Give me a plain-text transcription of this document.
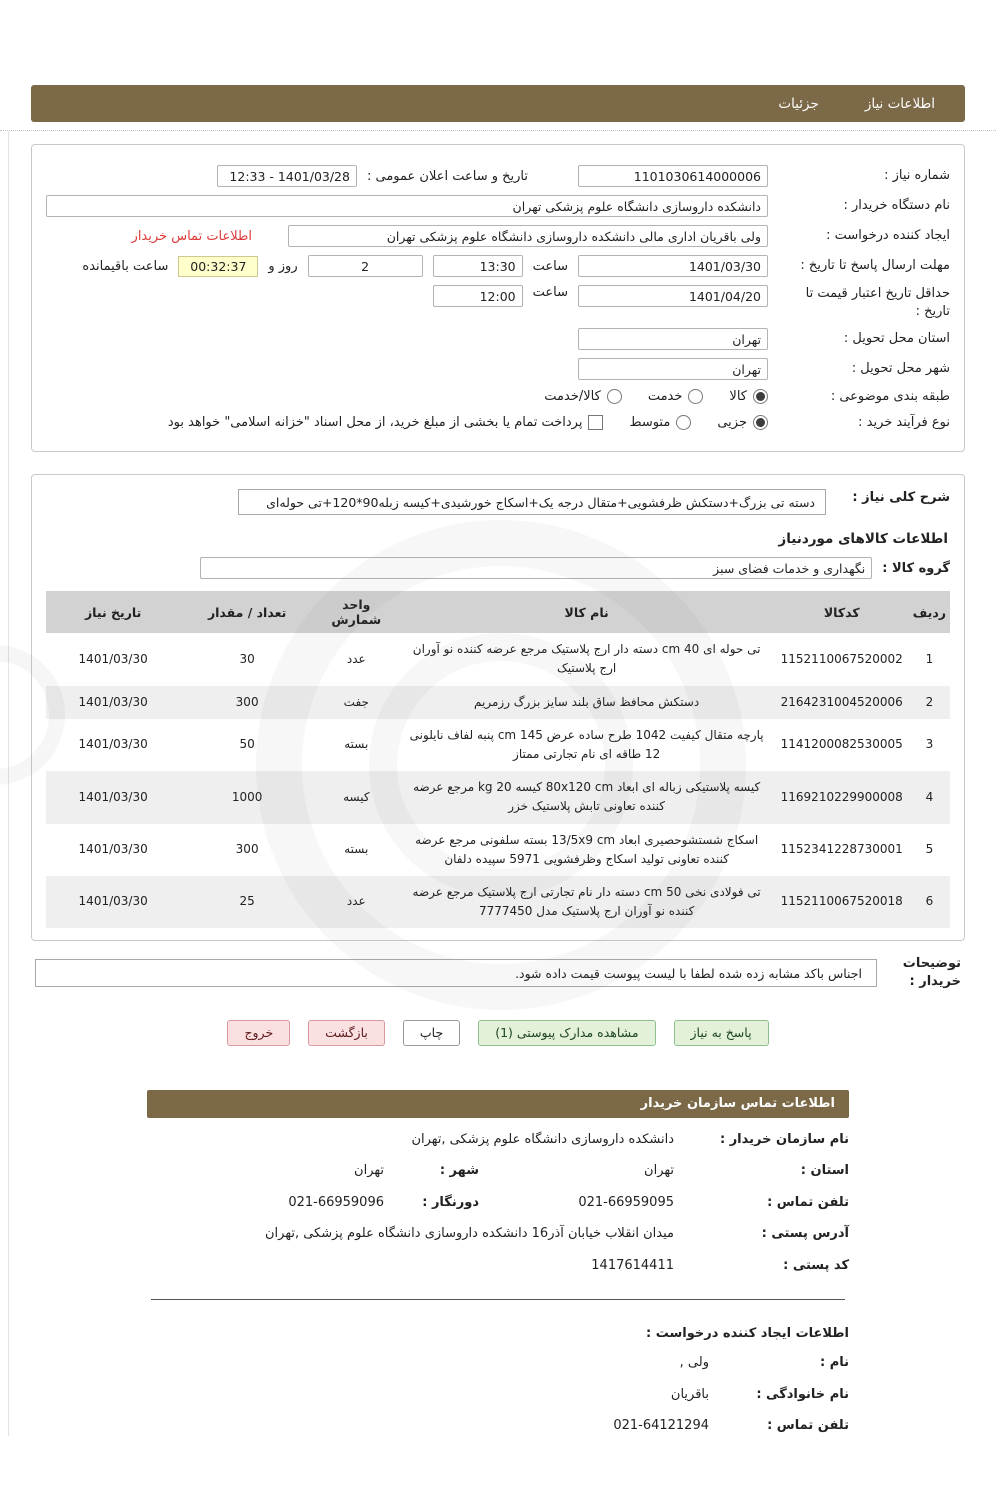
اطلاعات نیاز
جزئیات
شماره نیاز :
1101030614000006
تاریخ و ساعت اعلان عمومی :
1401/03/28 - 12:33
نام دستگاه خریدار :
دانشکده داروسازی دانشگاه علوم پزشکی تهران
ایجاد کننده درخواست :
ولی باقریان اداری مالی دانشکده داروسازی دانشگاه علوم پزشکی تهران
اطلاعات تماس خریدار
مهلت ارسال پاسخ تا تاریخ :
1401/03/30
ساعت
13:30
2
روز و
00:32:37
ساعت باقیمانده
حداقل تاریخ اعتبار قیمت تا تاریخ :
1401/04/20
ساعت
12:00
استان محل تحویل :
تهران
شهر محل تحویل :
تهران
طبقه بندی موضوعی :
کالا
خدمت
کالا/خدمت
نوع فرآیند خرید :
جزیی
متوسط
پرداخت تمام یا بخشی از مبلغ خرید، از محل اسناد "خزانه اسلامی" خواهد بود
شرح کلی نیاز :
دسته تی بزرگ+دستکش ظرفشویی+متقال درجه یک+اسکاج خورشیدی+کیسه زبله90*120+تی حوله‌ای
اطلاعات کالاهای موردنیاز
گروه کالا :
نگهداری و خدمات فضای سبز
ردیف	کدکالا	نام کالا	واحد شمارش	تعداد / مقدار	تاریخ نیاز
1	1152110067520002	تی حوله ای 40 cm دسته دار ارج پلاستیک مرجع عرضه کننده نو آوران ارج پلاستیک	عدد	30	1401/03/30
2	2164231004520006	دستکش محافظ ساق بلند سایز بزرگ رزمریم	جفت	300	1401/03/30
3	1141200082530005	پارچه متقال کیفیت 1042 طرح ساده عرض 145 cm پنبه لفاف نایلونی 12 طاقه ای نام تجارتی ممتاز	بسته	50	1401/03/30
4	1169210229900008	کیسه پلاستیکی زباله ای ابعاد 80x120 cm کیسه 20 kg مرجع عرضه کننده تعاونی تابش پلاستیک خزر	کیسه	1000	1401/03/30
5	1152341228730001	اسکاج شستشوحصیری ابعاد 13/5x9 cm بسته سلفونی مرجع عرضه کننده تعاونی تولید اسکاج وظرفشویی 5971 سپیده دلفان	بسته	300	1401/03/30
6	1152110067520018	تی فولادی نخی 50 cm دسته دار نام تجارتی ارج پلاستیک مرجع عرضه کننده نو آوران ارج پلاستیک مدل 7777450	عدد	25	1401/03/30
توضیحات خریدار :
اجناس باکد مشابه زده شده لطفا با لیست پیوست قیمت داده شود.
پاسخ به نیاز
مشاهده مدارک پیوستی (1)
چاپ
بازگشت
خروج
اطلاعات تماس سازمان خریدار
نام سازمان خریدار :
دانشکده داروسازی دانشگاه علوم پزشکی ,تهران
استان :
تهران
شهر :
تهران
تلفن تماس :
021-66959095
دورنگار :
021-66959096
آدرس پستی :
میدان انقلاب خیابان آذر16 دانشکده داروسازی دانشگاه علوم پزشکی ,تهران
کد پستی :
1417614411
اطلاعات ایجاد کننده درخواست :
نام :
ولی ,
نام خانوادگی :
باقریان
تلفن تماس :
021-64121294
